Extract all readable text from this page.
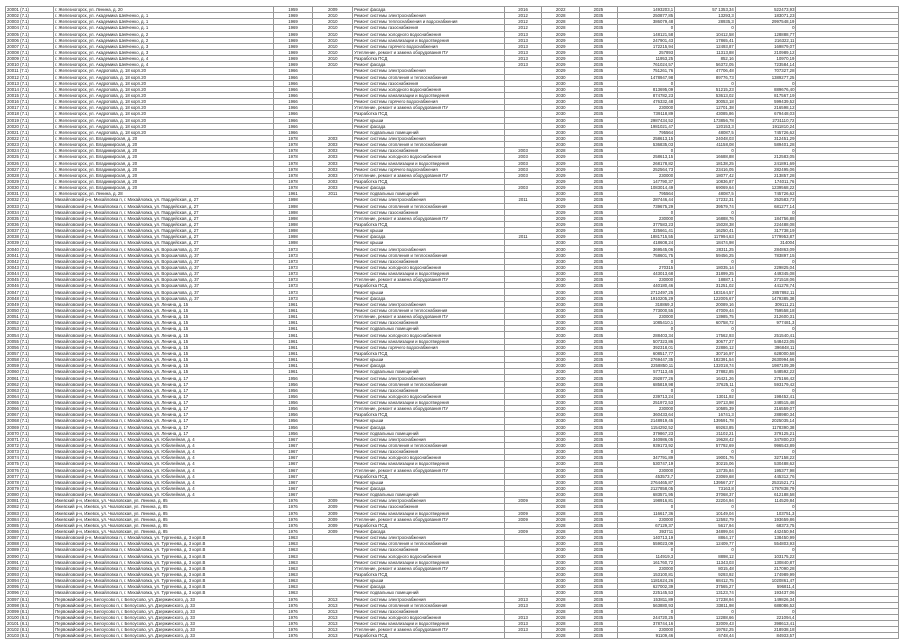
20001 (7.1)	г. Железногорск, ул. Ленина, д. 20	1959	2009	Ремонт фасада	2016	2022	2025	1493203,1	57 1353,34	522473,93	
20002 (7.1)	г. Железногорск, ул. Академика Шевченко, д. 1	1969	2010	Ремонт системы электроснабжения	2012	2028	2035	250877,85	13293,3	183071,23	
20003 (7.1)	г. Железногорск, ул. Академика Шевченко, д. 1	1969	2010	Ремонт системы теплоснабжения и водоснабжения	2012	2028	2035	386079,48	28935,3	2997548,19	
20004 (7.1)	г. Железногорск, ул. Академика Шевченко, д. 1	1969	2010	Ремонт системы газоснабжения	2012	2028	2035	0	0	0	
20005 (7.1)	г. Железногорск, ул. Академика Шевченко, д. 2	1969	2010	Ремонт системы холодного водоснабжения	2013	2029	2035	148121,58	10412,58	128888,77	
20006 (7.1)	г. Железногорск, ул. Академика Шевченко, д. 2	1969	2010	Ремонт системы канализации и водоотведения	2013	2029	2035	247901,43	17865,41	216322,11	
20007 (7.1)	г. Железногорск, ул. Академика Шевченко, д. 3	1969	2010	Ремонт системы горячего водоснабжения	2013	2029	2035	172215,94	12493,87	169879,07	
20008 (7.1)	г. Железногорск, ул. Академика Шевченко, д. 3	1969	2010	Утепление, ремонт и замена оборудования ПУ	2013	2029	2035	257893	11313,88	210989,12	
20009 (7.1)	г. Железногорск, ул. Академика Шевченко, д. 4	1969	2010	Разработка ПСД	2013	2029	2035	11953,25	852,16	10970,19	
20010 (7.1)	г. Железногорск, ул. Академика Шевченко, д. 4	1969	2010	Ремонт фасада	2013	2029	2035	761024,57	56372,05	723584,14	
20011 (7.1)	г. Железногорск, ул. Андропова, д. 18 корп.20	1966		Ремонт системы электроснабжения		2029	2035	751261,76	47706,48	707327,28	
20012 (7.1)	г. Железногорск, ул. Андропова, д. 18 корп.20	1966		Ремонт системы отопления и теплоснабжения		2030	2035	1478947,98	89776,73	1389277,25	
20013 (7.1)	г. Железногорск, ул. Андропова, д. 18 корп.20	1966		Ремонт системы газоснабжения		2030	2035	0	0	0	
20014 (7.1)	г. Железногорск, ул. Андропова, д. 18 корп.20	1966		Ремонт системы холодного водоснабжения		2030	2035	813695,09	51215,23	889676,40	
20015 (7.1)	г. Железногорск, ул. Андропова, д. 18 корп.20	1966		Ремонт системы канализации и водоотведения		2030	2035	874782,23	53613,02	817567,19	
20016 (7.1)	г. Железногорск, ул. Андропова, д. 18 корп.20	1966		Ремонт системы горячего водоснабжения		2030	2035	476332,48	30053,18	599439,52	
20017 (7.1)	г. Железногорск, ул. Андропова, д. 18 корп.20	1966		Утепление, ремонт и замена оборудования ПУ		2030	2035	230000	12701,38	216598,12	
20018 (7.1)	г. Железногорск, ул. Андропова, д. 18 корп.20	1966		Разработка ПСД		2030	2035	739118,89	43085,86	679448,03	
20019 (7.1)	г. Железногорск, ул. Андропова, д. 18 корп.20	1966		Ремонт крыши		2030	2035	2987434,52	173856,78	2731110,72	
20020 (7.1)	г. Железногорск, ул. Андропова, д. 18 корп.20	1966		Ремонт фасада		2030	2035	1981021,47	120153,3	1911810,24	
20021 (7.1)	г. Железногорск, ул. Андропова, д. 18 корп.20	1966		Ремонт подвальных помещений		2030	2035	795564	48087,5	745726,62	
20022 (7.1)	г. Железногорск, ул. Владимирская, д. 20	1978	2003	Ремонт системы электроснабжения		2030	2035	258613,15	24048,03	312451,29	
20023 (7.1)	г. Железногорск, ул. Владимирская, д. 20	1978	2003	Ремонт системы отопления и теплоснабжения		2030	2035	536835,03	41158,08	589401,28	
20024 (7.1)	г. Железногорск, ул. Владимирская, д. 20	1978	2003	Ремонт системы газоснабжения	2003	2028	2035	0	0	0	
20025 (7.1)	г. Железногорск, ул. Владимирская, д. 20	1978	2003	Ремонт системы холодного водоснабжения	2003	2029	2035	258613,15	16688,88	212583,05	
20026 (7.1)	г. Железногорск, ул. Владимирская, д. 20	1978	2003	Ремонт системы канализации и водоотведения	2003	2029	2035	268178,82	18138,25	241891,69	
20027 (7.1)	г. Железногорск, ул. Владимирская, д. 20	1978	2003	Ремонт системы горячего водоснабжения	2003	2029	2035	252564,73	23416,05	282495,06	
20028 (7.1)	г. Железногорск, ул. Владимирская, д. 20	1978	2003	Утепление, ремонт и замена оборудования ПУ	2003	2029	2035	230000	18077,42	213857,28	
20029 (7.1)	г. Железногорск, ул. Владимирская, д. 20	1978	2003	Разработка ПСД		2029	2035	147790,37	10836,87	174011,76	
20030 (7.1)	г. Железногорск, ул. Владимирская, д. 20	1978	2003	Ремонт фасада	2003	2029	2035	1083014,49	69069,64	1239568,22	
20031 (7.1)	г. Железногорск, ул. Ленина, д. 28	1961	2011	Ремонт подвальных помещений		2030	2035	795564	48087,5	745726,62	
20032 (7.1)	Михайловский р-н, Михайловка п, г. Михайловка, ул. Гвардейская, д. 27	1998		Ремонт системы электроснабжения	2011	2029	2035	287446,44	17232,31	252583,73	
20033 (7.1)	Михайловский р-н, Михайловка п, г. Михайловка, ул. Гвардейская, д. 27	1998		Ремонт системы отопления и теплоснабжения		2029	2035	739675,29	39579,74	681277,14	
20034 (7.1)	Михайловский р-н, Михайловка п, г. Михайловка, ул. Гвардейская, д. 27	1998		Ремонт системы газоснабжения		2029	2035	0	0	0	
20035 (7.1)	Михайловский р-н, Михайловка п, г. Михайловка, ул. Гвардейская, д. 27	1998		Утепление, ремонт и замена оборудования ПУ		2029	2035	230000	16888,76	184756,88	
20036 (7.1)	Михайловский р-н, Михайловка п, г. Михайловка, ул. Гвардейская, д. 27	1998		Разработка ПСД		2029	2035	377583,23	15028,38	224488,08	
20037 (7.1)	Михайловский р-н, Михайловка п, г. Михайловка, ул. Гвардейская, д. 27	1998		Ремонт крыши		2029	2035	325661,41	16250,41	317738,19	
20038 (7.1)	Михайловский р-н, Михайловка п, г. Михайловка, ул. Гвардейская, д. 27	1998		Ремонт фасада	2011	2029	2035	1881715,55	117994,63	1779953,87	
20039 (7.1)	Михайловский р-н, Михайловка п, г. Михайловка, ул. Гвардейская, д. 27	1998		Ремонт крыши		2030	2035	418608,24	18474,98	314004	
20040 (7.1)	Михайловский р-н, Михайловка п, г. Михайловка, ул. Ворошилова, д. 37	1973		Ремонт системы электроснабжения		2030	2035	369545,06	28311,25	284863,09	
20041 (7.1)	Михайловский р-н, Михайловка п, г. Михайловка, ул. Ворошилова, д. 37	1973		Ремонт системы отопления и теплоснабжения		2030	2035	758601,75	59456,25	783897,15	
20042 (7.1)	Михайловский р-н, Михайловка п, г. Михайловка, ул. Ворошилова, д. 37	1973		Ремонт системы газоснабжения		2030	2035	0	0	0	
20043 (7.1)	Михайловский р-н, Михайловка п, г. Михайловка, ул. Ворошилова, д. 37	1973		Ремонт системы холодного водоснабжения		2030	2035	270315	18035,14	229825,04	
20044 (7.1)	Михайловский р-н, Михайловка п, г. Михайловка, ул. Ворошилова, д. 37	1973		Ремонт системы канализации и водоотведения		2030	2035	443013,68	31899,25	449345,08	
20045 (7.1)	Михайловский р-н, Михайловка п, г. Михайловка, ул. Ворошилова, д. 37	1973		Утепление, ремонт и замена оборудования ПУ		2030	2035	230000	18887,1	271518,06	
20046 (7.1)	Михайловский р-н, Михайловка п, г. Михайловка, ул. Ворошилова, д. 37	1973		Разработка ПСД		2030	2035	440180,46	31251,02	441278,74	
20047 (7.1)	Михайловский р-н, Михайловка п, г. Михайловка, ул. Ворошилова, д. 37	1973		Ремонт крыши		2030	2035	2712497,25	183164,57	2857892,11	
20048 (7.1)	Михайловский р-н, Михайловка п, г. Михайловка, ул. Ворошилова, д. 37	1973		Ремонт фасада		2030	2035	1910205,29	122005,67	1479385,38	
20049 (7.1)	Михайловский р-н, Михайловка п, г. Михайловка, ул. Ленина, д. 15	1961		Ремонт системы электроснабжения		2030	2035	318869,3	20089,16	309111,21	
20050 (7.1)	Михайловский р-н, Михайловка п, г. Михайловка, ул. Ленина, д. 15	1961		Ремонт системы отопления и теплоснабжения		2030	2035	773000,55	47009,44	759558,18	
20051 (7.1)	Михайловский р-н, Михайловка п, г. Михайловка, ул. Ленина, д. 15	1961		Утепление, ремонт и замена оборудования ПУ		2030	2035	230000	13985,75	212600,31	
20052 (7.1)	Михайловский р-н, Михайловка п, г. Михайловка, ул. Ленина, д. 15	1961		Ремонт системы газоснабжения		2030	2035	1085410,1	60758,72	977481,3	
20053 (7.1)	Михайловский р-н, Михайловка п, г. Михайловка, ул. Ленина, д. 15	1961		Ремонт подвальных помещений		2030	2035	0	0	0	
20054 (7.1)	Михайловский р-н, Михайловка п, г. Михайловка, ул. Ленина, д. 15	1961		Ремонт системы холодного водоснабжения		2030	2035	288403,34	17562,93	251540,41	
20055 (7.1)	Михайловский р-н, Михайловка п, г. Михайловка, ул. Ленина, д. 15	1961		Ремонт системы канализации и водоотведения		2030	2035	507323,86	30677,27	548423,05	
20056 (7.1)	Михайловский р-н, Михайловка п, г. Михайловка, ул. Ленина, д. 15	1961		Ремонт системы горячего водоснабжения		2030	2035	392318,01	22886,12	396848,11	
20057 (7.1)	Михайловский р-н, Михайловка п, г. Михайловка, ул. Ленина, д. 15	1961		Разработка ПСД		2030	2035	608517,77	30716,97	628000,58	
20058 (7.1)	Михайловский р-н, Михайловка п, г. Михайловка, ул. Ленина, д. 15	1961		Ремонт крыши		2030	2035	2769447,35	182391,54	2630994,66	
20059 (7.1)	Михайловский р-н, Михайловка п, г. Михайловка, ул. Ленина, д. 15	1961		Ремонт фасада		2030	2035	2258850,11	132018,74	1987109,39	
20060 (7.1)	Михайловский р-н, Михайловка п, г. Михайловка, ул. Ленина, д. 15	1961		Ремонт подвальных помещений		2030	2035	577113,45	37882,85	548592,22	
20061 (7.1)	Михайловский р-н, Михайловка п, г. Михайловка, ул. Ленина, д. 17	1956		Ремонт системы электроснабжения		2030	2035	292877,26	16421,26	275166,42	
20062 (7.1)	Михайловский р-н, Михайловка п, г. Михайловка, ул. Ленина, д. 17	1956		Ремонт системы отопления и теплоснабжения		2030	2035	685819,98	37625,11	593179,42	
20063 (7.1)	Михайловский р-н, Михайловка п, г. Михайловка, ул. Ленина, д. 17	1956		Ремонт системы газоснабжения		2030	2035	0	0	0	
20064 (7.1)	Михайловский р-н, Михайловка п, г. Михайловка, ул. Ленина, д. 17	1956		Ремонт системы холодного водоснабжения		2030	2035	239713,24	13011,92	198452,41	
20065 (7.1)	Михайловский р-н, Михайловка п, г. Михайловка, ул. Ленина, д. 17	1956		Ремонт системы канализации и водоотведения		2030	2035	251972,53	19713,98	248515,48	
20066 (7.1)	Михайловский р-н, Михайловка п, г. Михайловка, ул. Ленина, д. 17	1956		Утепление, ремонт и замена оборудования ПУ		2030	2035	230000	10585,39	216559,07	
20067 (7.1)	Михайловский р-н, Михайловка п, г. Михайловка, ул. Ленина, д. 17	1956		Разработка ПСД		2030	2035	360433,64	16741,3	288980,34	
20068 (7.1)	Михайловский р-н, Михайловка п, г. Михайловка, ул. Ленина, д. 17	1956		Ремонт крыши		2030	2035	2148919,45	139591,78	2025035,14	
20069 (7.1)	Михайловский р-н, Михайловка п, г. Михайловка, ул. Ленина, д. 17	1956		Ремонт фасада		2030	2035	1154292,52	69263,85	1178390,38	
20070 (7.1)	Михайловский р-н, Михайловка п, г. Михайловка, ул. Ленина, д. 17	1956		Ремонт подвальных помещений		2030	2035	379867,23	21102,21	379125,21	
20071 (7.1)	Михайловский р-н, Михайловка п, г. Михайловка, ул. Юбилейная, д. 4	1967		Ремонт системы электроснабжения		2030	2035	340986,05	19628,42	347800,23	
20072 (7.1)	Михайловский р-н, Михайловка п, г. Михайловка, ул. Юбилейная, д. 4	1967		Ремонт системы отопления и теплоснабжения		2030	2035	939173,92	57792,69	996543,89	
20073 (7.1)	Михайловский р-н, Михайловка п, г. Михайловка, ул. Юбилейная, д. 4	1967		Ремонт системы газоснабжения		2030	2035	0	0	0	
20074 (7.1)	Михайловский р-н, Михайловка п, г. Михайловка, ул. Юбилейная, д. 4	1967		Ремонт системы холодного водоснабжения		2030	2035	347791,89	19001,76	327158,22	
20075 (7.1)	Михайловский р-н, Михайловка п, г. Михайловка, ул. Юбилейная, д. 4	1967		Ремонт системы канализации и водоотведения		2030	2035	530747,19	30215,06	530488,62	
20076 (7.1)	Михайловский р-н, Михайловка п, г. Михайловка, ул. Юбилейная, д. 4	1967		Утепление, ремонт и замена оборудования ПУ		2030	2035	230000	13735,84	195377,98	
20077 (7.1)	Михайловский р-н, Михайловка п, г. Михайловка, ул. Юбилейная, д. 4	1967		Разработка ПСД		2030	2035	453573,7	23069,68	445312,76	
20078 (7.1)	Михайловский р-н, Михайловка п, г. Михайловка, ул. Юбилейная, д. 4	1967		Ремонт крыши		2030	2035	2764465,87	139567,27	2531521,71	
20079 (7.1)	Михайловский р-н, Михайловка п, г. Михайловка, ул. Юбилейная, д. 4	1967		Ремонт фасада		2030	2035	2127858,05	73163,8	1797838,79	
20080 (7.1)	Михайловский р-н, Михайловка п, г. Михайловка, ул. Юбилейная, д. 4	1967		Ремонт подвальных помещений		2030	2035	683571,95	37068,37	612188,58	
20081 (7.1)	Ижевский р-н, Ижевск, ул. Чкаловская, ул. Ленина, д. 85	1976	2009	Ремонт системы электроснабжения	2009	2028	2035	198916,81	22204,94	114529,84	
20082 (7.1)	Ижевский р-н, Ижевск, ул. Чкаловская, ул. Ленина, д. 85	1976	2009	Ремонт системы газоснабжения		2028	2035	0	0	0	
20083 (7.1)	Ижевский р-н, Ижевск, ул. Чкаловская, ул. Ленина, д. 85	1976	2009	Ремонт системы канализации и водоотведения	2009	2028	2035	116617,36	10149,04	103751,3	
20084 (7.1)	Ижевский р-н, Ижевск, ул. Чкаловская, ул. Ленина, д. 85	1976	2009	Утепление, ремонт и замена оборудования ПУ	2009	2028	2035	230000	12592,79	193659,86	
20085 (7.1)	Ижевский р-н, Ижевск, ул. Чкаловская, ул. Ленина, д. 85	1976	2009	Разработка ПСД		2028	2035	67129,37	5617,94	68373,75	
20086 (7.1)	Ижевский р-н, Ижевск, ул. Чкаловская, ул. Ленина, д. 85	1976	2009	Ремонт фасада	2009	2028	2035	393711	34899,04	442450,94	
20087 (7.1)	Михайловский р-н, Михайловка п, г. Михайловка, ул. Тургенева, д. 3 корп.В	1963		Ремонт системы электроснабжения		2030	2035	140713,19	8864,17	138450,99	
20088 (7.1)	Михайловский р-н, Михайловка п, г. Михайловка, ул. Тургенева, д. 3 корп.В	1963		Ремонт системы отопления и теплоснабжения		2030	2035	559023,09	12409,77	554803,93	
20089 (7.1)	Михайловский р-н, Михайловка п, г. Михайловка, ул. Тургенева, д. 3 корп.В	1963		Ремонт системы газоснабжения		2030	2035	0	0	0	
20090 (7.1)	Михайловский р-н, Михайловка п, г. Михайловка, ул. Тургенева, д. 3 корп.В	1963		Ремонт системы холодного водоснабжения		2030	2035	114919,3	8898,12	103175,22	
20091 (7.1)	Михайловский р-н, Михайловка п, г. Михайловка, ул. Тургенева, д. 3 корп.В	1963		Ремонт системы канализации и водоотведения		2030	2035	161760,72	11343,03	130840,87	
20092 (7.1)	Михайловский р-н, Михайловка п, г. Михайловка, ул. Тургенева, д. 3 корп.В	1963		Утепление, ремонт и замена оборудования ПУ		2030	2035	230000	8015,48	217090,28	
20093 (7.1)	Михайловский р-н, Михайловка п, г. Михайловка, ул. Тургенева, д. 3 корп.В	1963		Разработка ПСД		2030	2035	153100,81	9293,92	174989,99	
20094 (7.1)	Михайловский р-н, Михайловка п, г. Михайловка, ул. Тургенева, д. 3 корп.В	1963		Ремонт крыши		2030	2035	1181624,26	68412,75	1020861,47	
20095 (7.1)	Михайловский р-н, Михайловка п, г. Михайловка, ул. Тургенева, д. 3 корп.В	1963		Ремонт фасада		2030	2035	627002,39	37565,27	596811,4	
20096 (7.1)	Михайловский р-н, Михайловка п, г. Михайловка, ул. Тургенева, д. 3 корп.В	1963		Ремонт подвальных помещений		2030	2035	225145,53	13123,74	193437,06	
20097 (8.1)	Первомайский р-н, Белоусово п, г. Белоусово, ул. Дзержинского, д. 33	1976	2013	Ремонт системы электроснабжения	2013	2028	2035	153811,89	17238,94	149826,34	
20098 (8.1)	Первомайский р-н, Белоусово п, г. Белоусово, ул. Дзержинского, д. 33	1976	2013	Ремонт системы отопления и теплоснабжения	2013	2028	2035	563880,93	33811,98	688086,52	
20099 (8.1)	Первомайский р-н, Белоусово п, г. Белоусово, ул. Дзержинского, д. 33	1976	2013	Ремонт системы газоснабжения		2028	2035	0	0	0	
20100 (8.1)	Первомайский р-н, Белоусово п, г. Белоусово, ул. Дзержинского, д. 33	1976	2013	Ремонт системы холодного водоснабжения	2013	2028	2035	244720,25	12288,66	221094,4	
20101 (8.1)	Первомайский р-н, Белоусово п, г. Белоусово, ул. Дзержинского, д. 33	1976	2013	Ремонт системы канализации и водоотведения	2013	2028	2035	378744,16	32009,43	398613,41	
20102 (8.1)	Первомайский р-н, Белоусово п, г. Белоусово, ул. Дзержинского, д. 33	1976	2013	Утепление, ремонт и замена оборудования ПУ	2013	2028	2035	230000	19792,25	218938,18	
20103 (8.1)	Первомайский р-н, Белоусово п, г. Белоусово, ул. Дзержинского, д. 33	1976	2013	Разработка ПСД		2028	2035	91109,46	6748,44	84933,57	
